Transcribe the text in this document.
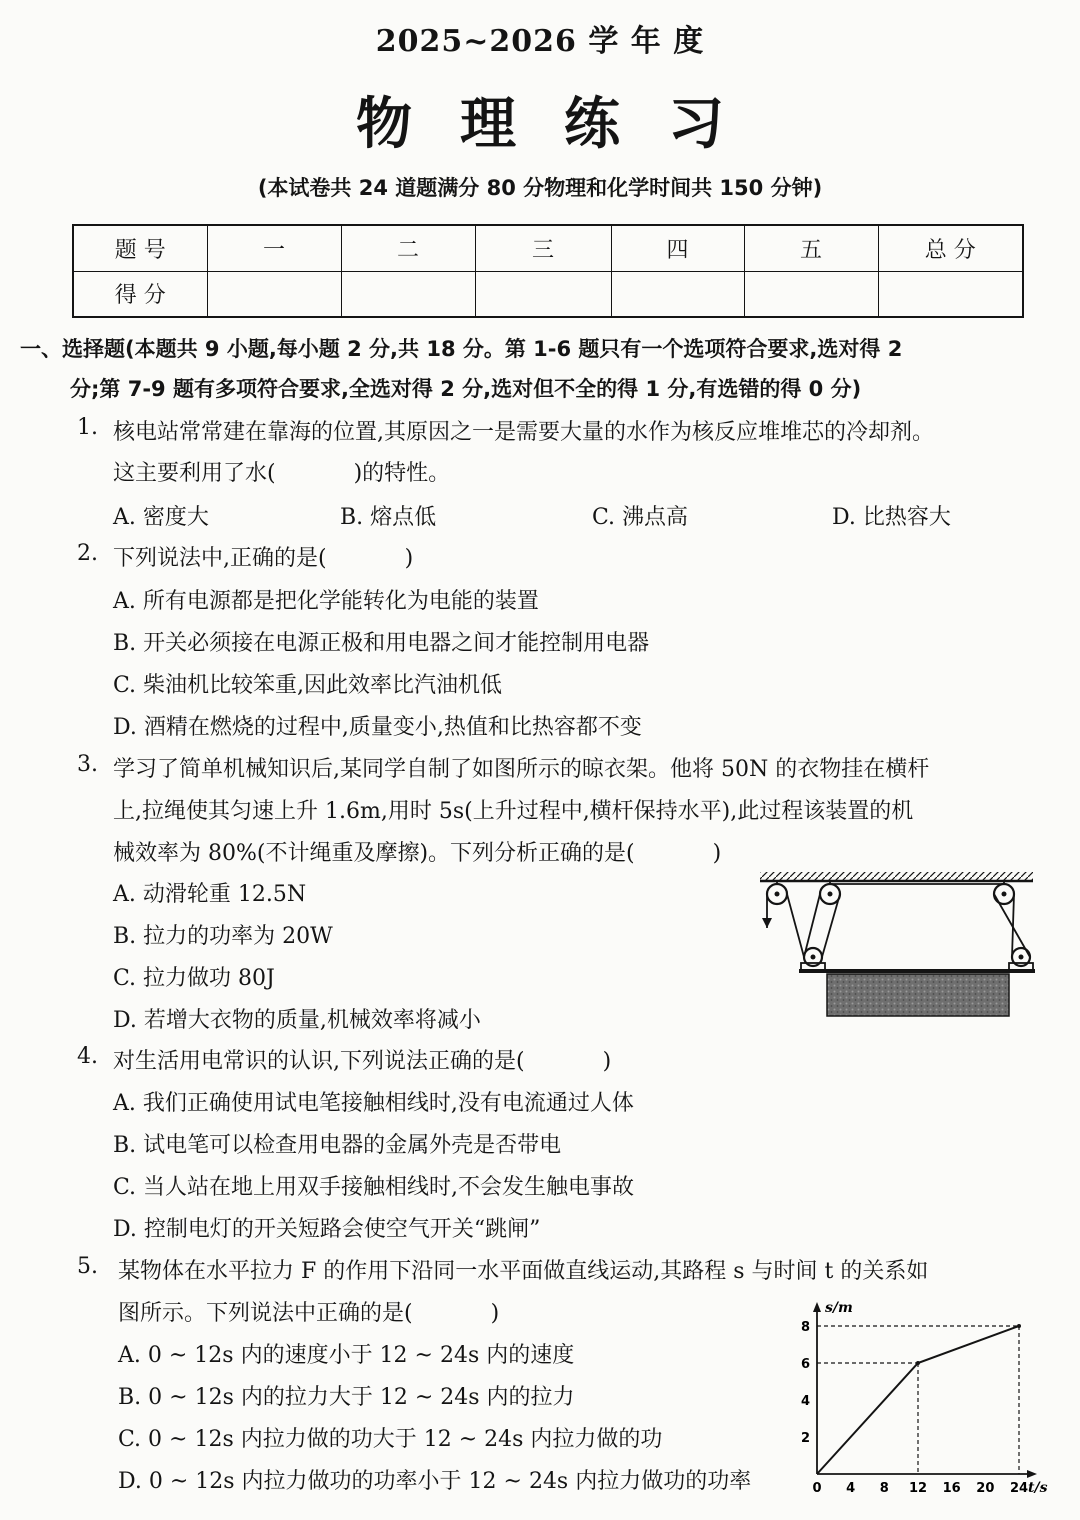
2025~2026 学 年 度
物理练习
(本试卷共 24 道题满分 80 分物理和化学时间共 150 分钟)
题 号	一	二	三	四	五	总 分
得 分						
一、选择题(本题共 9 小题,每小题 2 分,共 18 分。第 1-6 题只有一个选项符合要求,选对得 2
分;第 7-9 题有多项符合要求,全选对得 2 分,选对但不全的得 1 分,有选错的得 0 分)
1. 核电站常常建在靠海的位置,其原因之一是需要大量的水作为核反应堆堆芯的冷却剂。
这主要利用了水(	)的特性。
A. 密度大	B. 熔点低	C. 沸点高	D. 比热容大
2. 下列说法中,正确的是(	)
A. 所有电源都是把化学能转化为电能的装置
B. 开关必须接在电源正极和用电器之间才能控制用电器
C. 柴油机比较笨重,因此效率比汽油机低
D. 酒精在燃烧的过程中,质量变小,热值和比热容都不变
3. 学习了简单机械知识后,某同学自制了如图所示的晾衣架。他将 50N 的衣物挂在横杆
上,拉绳使其匀速上升 1.6m,用时 5s(上升过程中,横杆保持水平),此过程该装置的机
械效率为 80%(不计绳重及摩擦)。下列分析正确的是(	)
A. 动滑轮重 12.5N
B. 拉力的功率为 20W
C. 拉力做功 80J
D. 若增大衣物的质量,机械效率将减小
4. 对生活用电常识的认识,下列说法正确的是(	)
A. 我们正确使用试电笔接触相线时,没有电流通过人体
B. 试电笔可以检查用电器的金属外壳是否带电
C. 当人站在地上用双手接触相线时,不会发生触电事故
D. 控制电灯的开关短路会使空气开关“跳闸”
5. 某物体在水平拉力 F 的作用下沿同一水平面做直线运动,其路程 s 与时间 t 的关系如
图所示。下列说法中正确的是(	)
A. 0 ~ 12s 内的速度小于 12 ~ 24s 内的速度
B. 0 ~ 12s 内的拉力大于 12 ~ 24s 内的拉力
C. 0 ~ 12s 内拉力做的功大于 12 ~ 24s 内拉力做的功
D. 0 ~ 12s 内拉力做功的功率小于 12 ~ 24s 内拉力做功的功率
s/m
t/s
0 4 8 12 16 20 24
2
4
6
8
